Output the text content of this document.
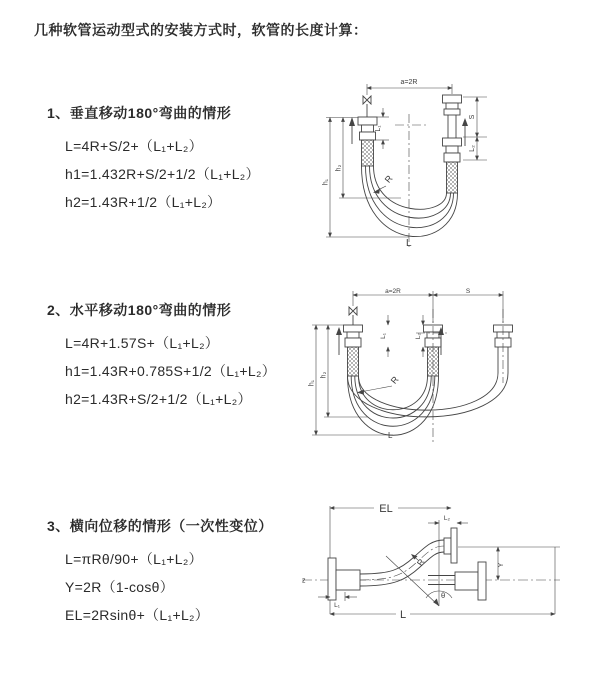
几种软管运动型式的安装方式时，软管的长度计算：
1、垂直移动180°弯曲的情形
L=4R+S/2+（L₁+L₂）
h1=1.432R+S/2+1/2（L₁+L₂）
h2=1.43R+1/2（L₁+L₂）
2、水平移动180°弯曲的情形
L=4R+1.57S+（L₁+L₂）
h1=1.43R+0.785S+1/2（L₁+L₂）
h2=1.43R+S/2+1/2（L₁+L₂）
3、横向位移的情形（一次性变位）
L=πRθ/90+（L₁+L₂）
Y=2R（1-cosθ）
EL=2Rsinθ+（L₁+L₂）
a=2R
L₁
S
L₂
h₁
h₂
R
L
a=2R	S
L₁	L₂
h₁
h₂	R
L
z
EL
L₂
Y
R
θ
L
L₁
